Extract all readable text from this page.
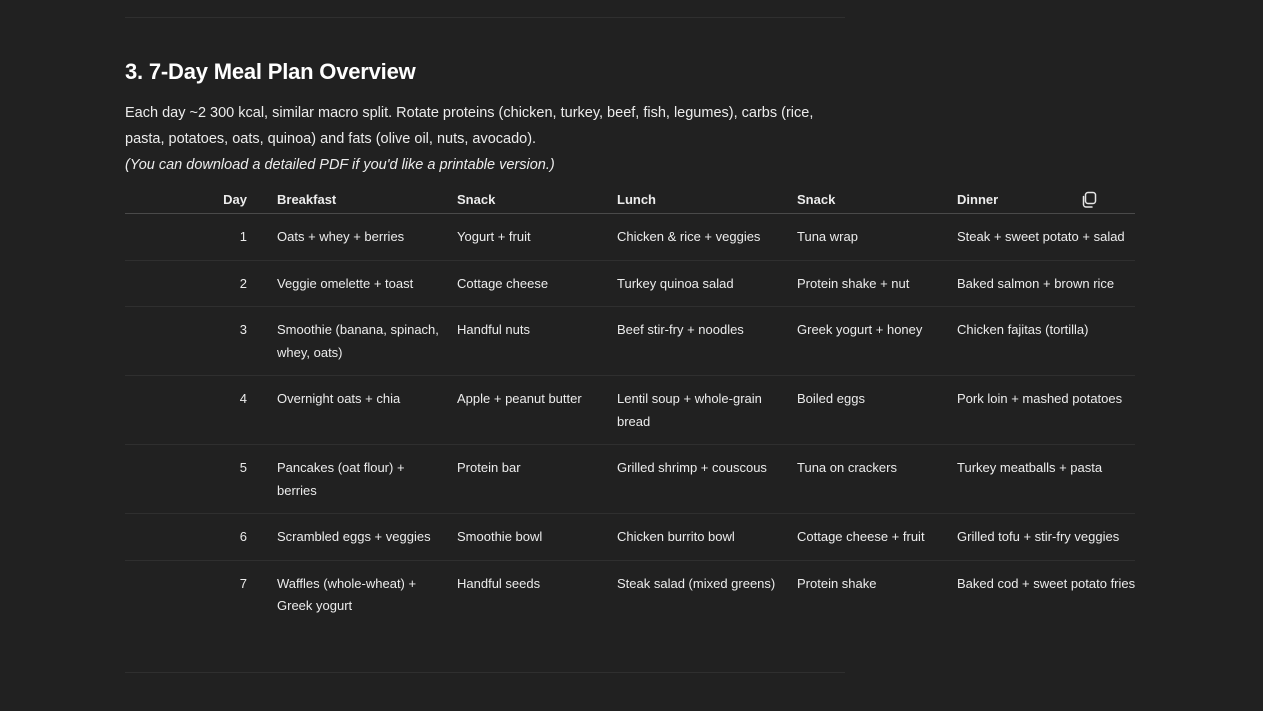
3. 7-Day Meal Plan Overview

Each day ~2 300 kcal, similar macro split. Rotate proteins (chicken, turkey, beef, fish, legumes), carbs (rice, pasta, potatoes, oats, quinoa) and fats (olive oil, nuts, avocado).

(You can download a detailed PDF if you'd like a printable version.)

Day	Breakfast	Snack	Lunch	Snack	Dinner
1	Oats + whey + berries	Yogurt + fruit	Chicken & rice + veggies	Tuna wrap	Steak + sweet potato + salad
2	Veggie omelette + toast	Cottage cheese	Turkey quinoa salad	Protein shake + nut	Baked salmon + brown rice
3	Smoothie (banana, spinach, whey, oats)	Handful nuts	Beef stir-fry + noodles	Greek yogurt + honey	Chicken fajitas (tortilla)
4	Overnight oats + chia	Apple + peanut butter	Lentil soup + whole-grain bread	Boiled eggs	Pork loin + mashed potatoes
5	Pancakes (oat flour) + berries	Protein bar	Grilled shrimp + couscous	Tuna on crackers	Turkey meatballs + pasta
6	Scrambled eggs + veggies	Smoothie bowl	Chicken burrito bowl	Cottage cheese + fruit	Grilled tofu + stir-fry veggies
7	Waffles (whole-wheat) + Greek yogurt	Handful seeds	Steak salad (mixed greens)	Protein shake	Baked cod + sweet potato fries
